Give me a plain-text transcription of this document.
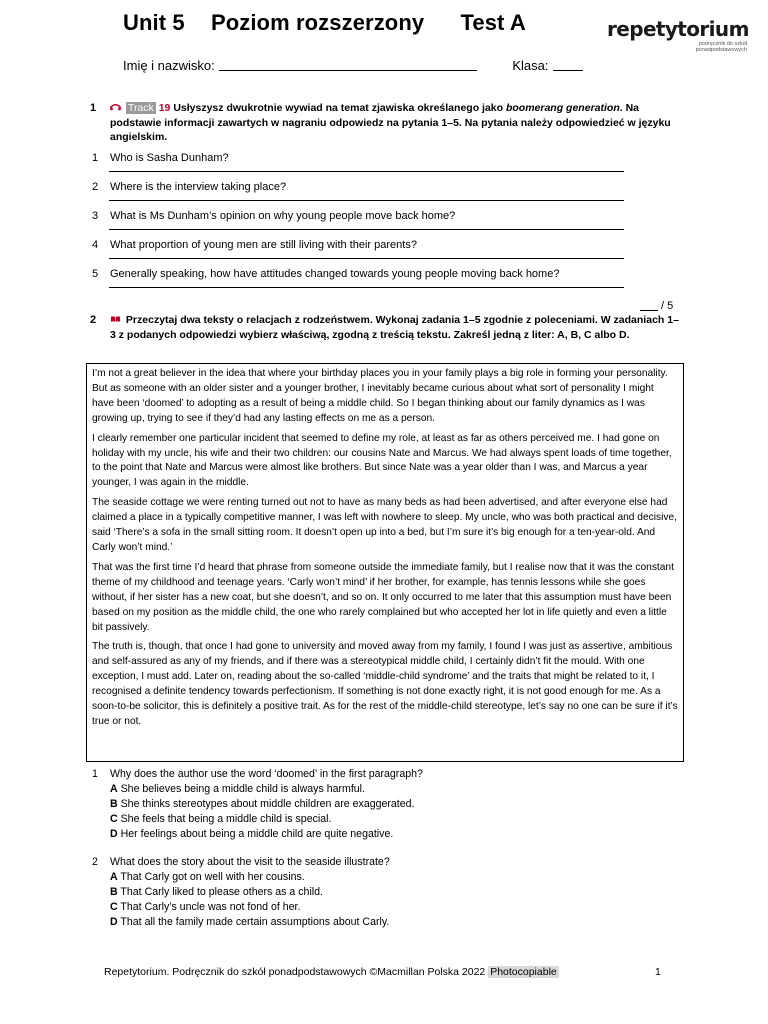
Unit 5 Poziom rozszerzony Test A	repetytorium
podręcznik do szkół
ponadpodstawowych
Imię i nazwisko:	Klasa:
1	Track 19 Usłyszysz dwukrotnie wywiad na temat zjawiska określanego jako boomerang generation. Na podstawie informacji zawartych w nagraniu odpowiedz na pytania 1–5. Na pytania należy odpowiedzieć w języku angielskim.
1 Who is Sasha Dunham?
2 Where is the interview taking place?
3 What is Ms Dunham’s opinion on why young people move back home?
4 What proportion of young men are still living with their parents?
5 Generally speaking, how have attitudes changed towards young people moving back home?
/ 5
2	Przeczytaj dwa teksty o relacjach z rodzeństwem. Wykonaj zadania 1–5 zgodnie z poleceniami. W zadaniach 1–3 z podanych odpowiedzi wybierz właściwą, zgodną z treścią tekstu. Zakreśl jedną z liter: A, B, C albo D.

I’m not a great believer in the idea that where your birthday places you in your family plays a big role in forming your personality. But as someone with an older sister and a younger brother, I inevitably became curious about what sort of personality I might have been ‘doomed’ to adopting as a result of being a middle child. So I began thinking about our family dynamics as I was growing up, trying to see if they’d had any lasting effects on me as a person.

I clearly remember one particular incident that seemed to define my role, at least as far as others perceived me. I had gone on holiday with my uncle, his wife and their two children: our cousins Nate and Marcus. We had always spent loads of time together, to the point that Nate and Marcus were almost like brothers. But since Nate was a year older than I was, and Marcus a year younger, I was again in the middle.

The seaside cottage we were renting turned out not to have as many beds as had been advertised, and after everyone else had claimed a place in a typically competitive manner, I was left with nowhere to sleep. My uncle, who was both practical and decisive, said ‘There’s a sofa in the small sitting room. It doesn’t open up into a bed, but I’m sure it’s big enough for a ten-year-old. And Carly won’t mind.’

That was the first time I’d heard that phrase from someone outside the immediate family, but I realise now that it was the constant theme of my childhood and teenage years. ‘Carly won’t mind’ if her brother, for example, has tennis lessons while she goes without, if her sister has a new coat, but she doesn’t, and so on. It only occurred to me later that this assumption must have been based on my position as the middle child, the one who rarely complained but who accepted her lot in life quietly and even a little bit passively.

The truth is, though, that once I had gone to university and moved away from my family, I found I was just as assertive, ambitious and self-assured as any of my friends, and if there was a stereotypical middle child, I certainly didn’t fit the mould. With one exception, I must add. Later on, reading about the so-called ‘middle-child syndrome’ and the traits that might be related to it, I recognised a definite tendency towards perfectionism. If something is not done exactly right, it is not good enough for me. As a soon-to-be solicitor, this is definitely a positive trait. As for the rest of the middle-child stereotype, let’s say no one can be sure if it’s true or not.

1 Why does the author use the word ‘doomed’ in the first paragraph?
A She believes being a middle child is always harmful.
B She thinks stereotypes about middle children are exaggerated.
C She feels that being a middle child is special.
D Her feelings about being a middle child are quite negative.
2 What does the story about the visit to the seaside illustrate?
A That Carly got on well with her cousins.
B That Carly liked to please others as a child.
C That Carly’s uncle was not fond of her.
D That all the family made certain assumptions about Carly.
Repetytorium. Podręcznik do szkół ponadpodstawowych ©Macmillan Polska 2022 Photocopiable	1
